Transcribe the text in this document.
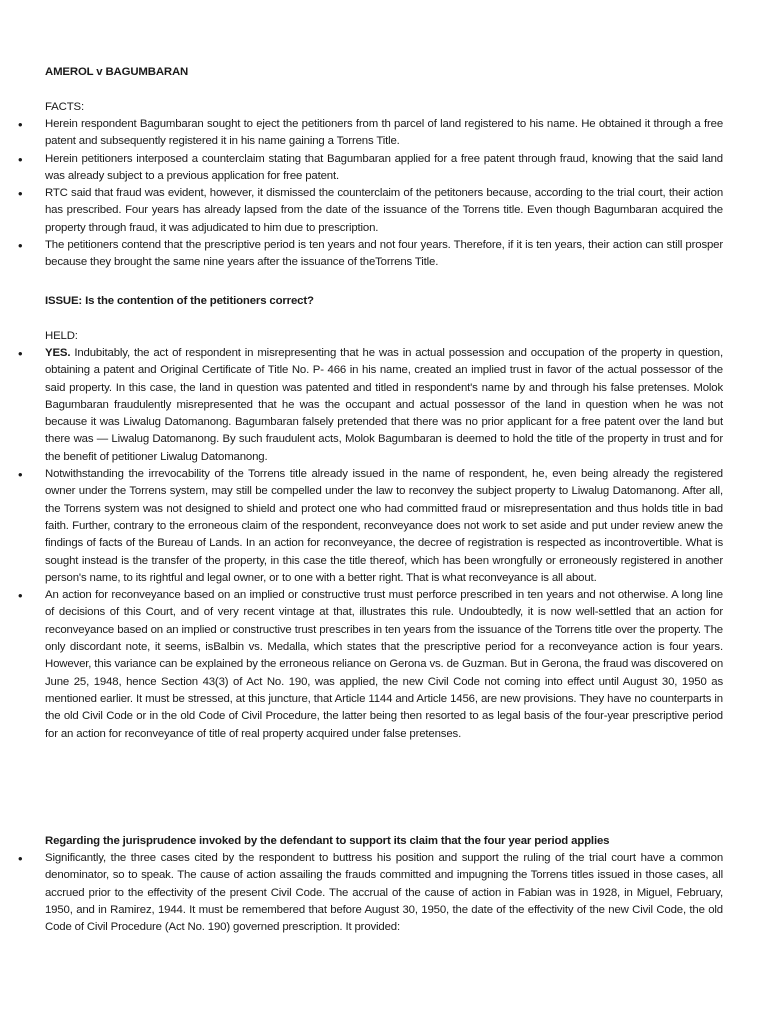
AMEROL v BAGUMBARAN
FACTS:
• Herein respondent Bagumbaran sought to eject the petitioners from th parcel of land registered to his name. He obtained it through a free patent and subsequently registered it in his name gaining a Torrens Title.
• Herein petitioners interposed a counterclaim stating that Bagumbaran applied for a free patent through fraud, knowing that the said land was already subject to a previous application for free patent.
• RTC said that fraud was evident, however, it dismissed the counterclaim of the petitoners because, according to the trial court, their action has prescribed. Four years has already lapsed from the date of the issuance of the Torrens title. Even though Bagumbaran acquired the property through fraud, it was adjudicated to him due to prescription.
• The petitioners contend that the prescriptive period is ten years and not four years. Therefore, if it is ten years, their action can still prosper because they brought the same nine years after the issuance of theTorrens Title.
ISSUE: Is the contention of the petitioners correct?
HELD:
• YES. Indubitably, the act of respondent in misrepresenting that he was in actual possession and occupation of the property in question, obtaining a patent and Original Certificate of Title No. P- 466 in his name, created an implied trust in favor of the actual possessor of the said property. In this case, the land in question was patented and titled in respondent's name by and through his false pretenses. Molok Bagumbaran fraudulently misrepresented that he was the occupant and actual possessor of the land in question when he was not because it was Liwalug Datomanong. Bagumbaran falsely pretended that there was no prior applicant for a free patent over the land but there was — Liwalug Datomanong. By such fraudulent acts, Molok Bagumbaran is deemed to hold the title of the property in trust and for the benefit of petitioner Liwalug Datomanong.
• Notwithstanding the irrevocability of the Torrens title already issued in the name of respondent, he, even being already the registered owner under the Torrens system, may still be compelled under the law to reconvey the subject property to Liwalug Datomanong. After all, the Torrens system was not designed to shield and protect one who had committed fraud or misrepresentation and thus holds title in bad faith. Further, contrary to the erroneous claim of the respondent, reconveyance does not work to set aside and put under review anew the findings of facts of the Bureau of Lands. In an action for reconveyance, the decree of registration is respected as incontrovertible. What is sought instead is the transfer of the property, in this case the title thereof, which has been wrongfully or erroneously registered in another person's name, to its rightful and legal owner, or to one with a better right. That is what reconveyance is all about.
• An action for reconveyance based on an implied or constructive trust must perforce prescribed in ten years and not otherwise. A long line of decisions of this Court, and of very recent vintage at that, illustrates this rule. Undoubtedly, it is now well-settled that an action for reconveyance based on an implied or constructive trust prescribes in ten years from the issuance of the Torrens title over the property. The only discordant note, it seems, isBalbin vs. Medalla, which states that the prescriptive period for a reconveyance action is four years. However, this variance can be explained by the erroneous reliance on Gerona vs. de Guzman. But in Gerona, the fraud was discovered on June 25, 1948, hence Section 43(3) of Act No. 190, was applied, the new Civil Code not coming into effect until August 30, 1950 as mentioned earlier. It must be stressed, at this juncture, that Article 1144 and Article 1456, are new provisions. They have no counterparts in the old Civil Code or in the old Code of Civil Procedure, the latter being then resorted to as legal basis of the four-year prescriptive period for an action for reconveyance of title of real property acquired under false pretenses.
Regarding the jurisprudence invoked by the defendant to support its claim that the four year period applies
• Significantly, the three cases cited by the respondent to buttress his position and support the ruling of the trial court have a common denominator, so to speak. The cause of action assailing the frauds committed and impugning the Torrens titles issued in those cases, all accrued prior to the effectivity of the present Civil Code. The accrual of the cause of action in Fabian was in 1928, in Miguel, February, 1950, and in Ramirez, 1944. It must be remembered that before August 30, 1950, the date of the effectivity of the new Civil Code, the old Code of Civil Procedure (Act No. 190) governed prescription. It provided:
